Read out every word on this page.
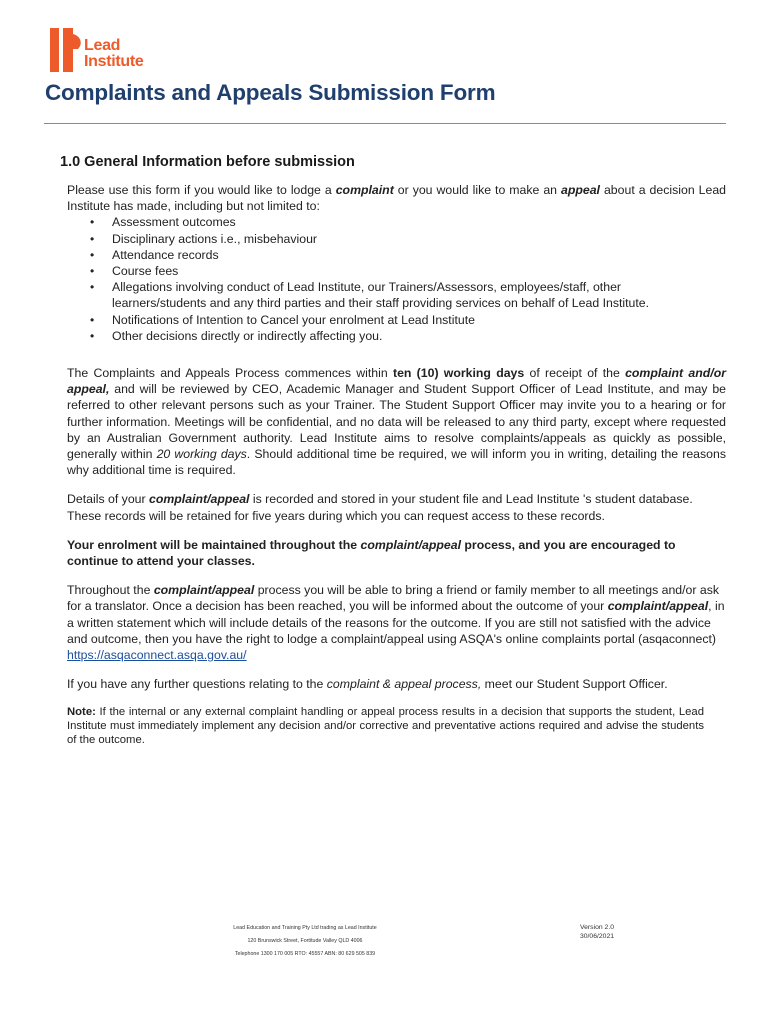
Lead
Institute
Complaints and Appeals Submission Form
1.0 General Information before submission

Please use this form if you would like to lodge a complaint or you would like to make an appeal about a decision Lead Institute has made, including but not limited to:

• Assessment outcomes
• Disciplinary actions i.e., misbehaviour
• Attendance records
• Course fees
• Allegations involving conduct of Lead Institute, our Trainers/Assessors, employees/staff, other learners/students and any third parties and their staff providing services on behalf of Lead Institute.
• Notifications of Intention to Cancel your enrolment at Lead Institute
• Other decisions directly or indirectly affecting you.

The Complaints and Appeals Process commences within ten (10) working days of receipt of the complaint and/or appeal, and will be reviewed by CEO, Academic Manager and Student Support Officer of Lead Institute, and may be referred to other relevant persons such as your Trainer. The Student Support Officer may invite you to a hearing or for further information. Meetings will be confidential, and no data will be released to any third party, except where requested by an Australian Government authority. Lead Institute aims to resolve complaints/appeals as quickly as possible, generally within 20 working days. Should additional time be required, we will inform you in writing, detailing the reasons why additional time is required.

Details of your complaint/appeal is recorded and stored in your student file and Lead Institute 's student database. These records will be retained for five years during which you can request access to these records.

Your enrolment will be maintained throughout the complaint/appeal process, and you are encouraged to continue to attend your classes.

Throughout the complaint/appeal process you will be able to bring a friend or family member to all meetings and/or ask for a translator. Once a decision has been reached, you will be informed about the outcome of your complaint/appeal, in a written statement which will include details of the reasons for the outcome. If you are still not satisfied with the advice and outcome, then you have the right to lodge a complaint/appeal using ASQA's online complaints portal (asqaconnect)
https://asqaconnect.asqa.gov.au/

If you have any further questions relating to the complaint & appeal process, meet our Student Support Officer.

Note: If the internal or any external complaint handling or appeal process results in a decision that supports the student, Lead Institute must immediately implement any decision and/or corrective and preventative actions required and advise the students of the outcome.

Lead Education and Training Pty Ltd trading as Lead Institute
120 Brunswick Street, Fortitude Valley QLD 4006
Telephone 1300 170 005 RTO: 45557 ABN: 80 629 505 839
Version 2.0
30/06/2021
